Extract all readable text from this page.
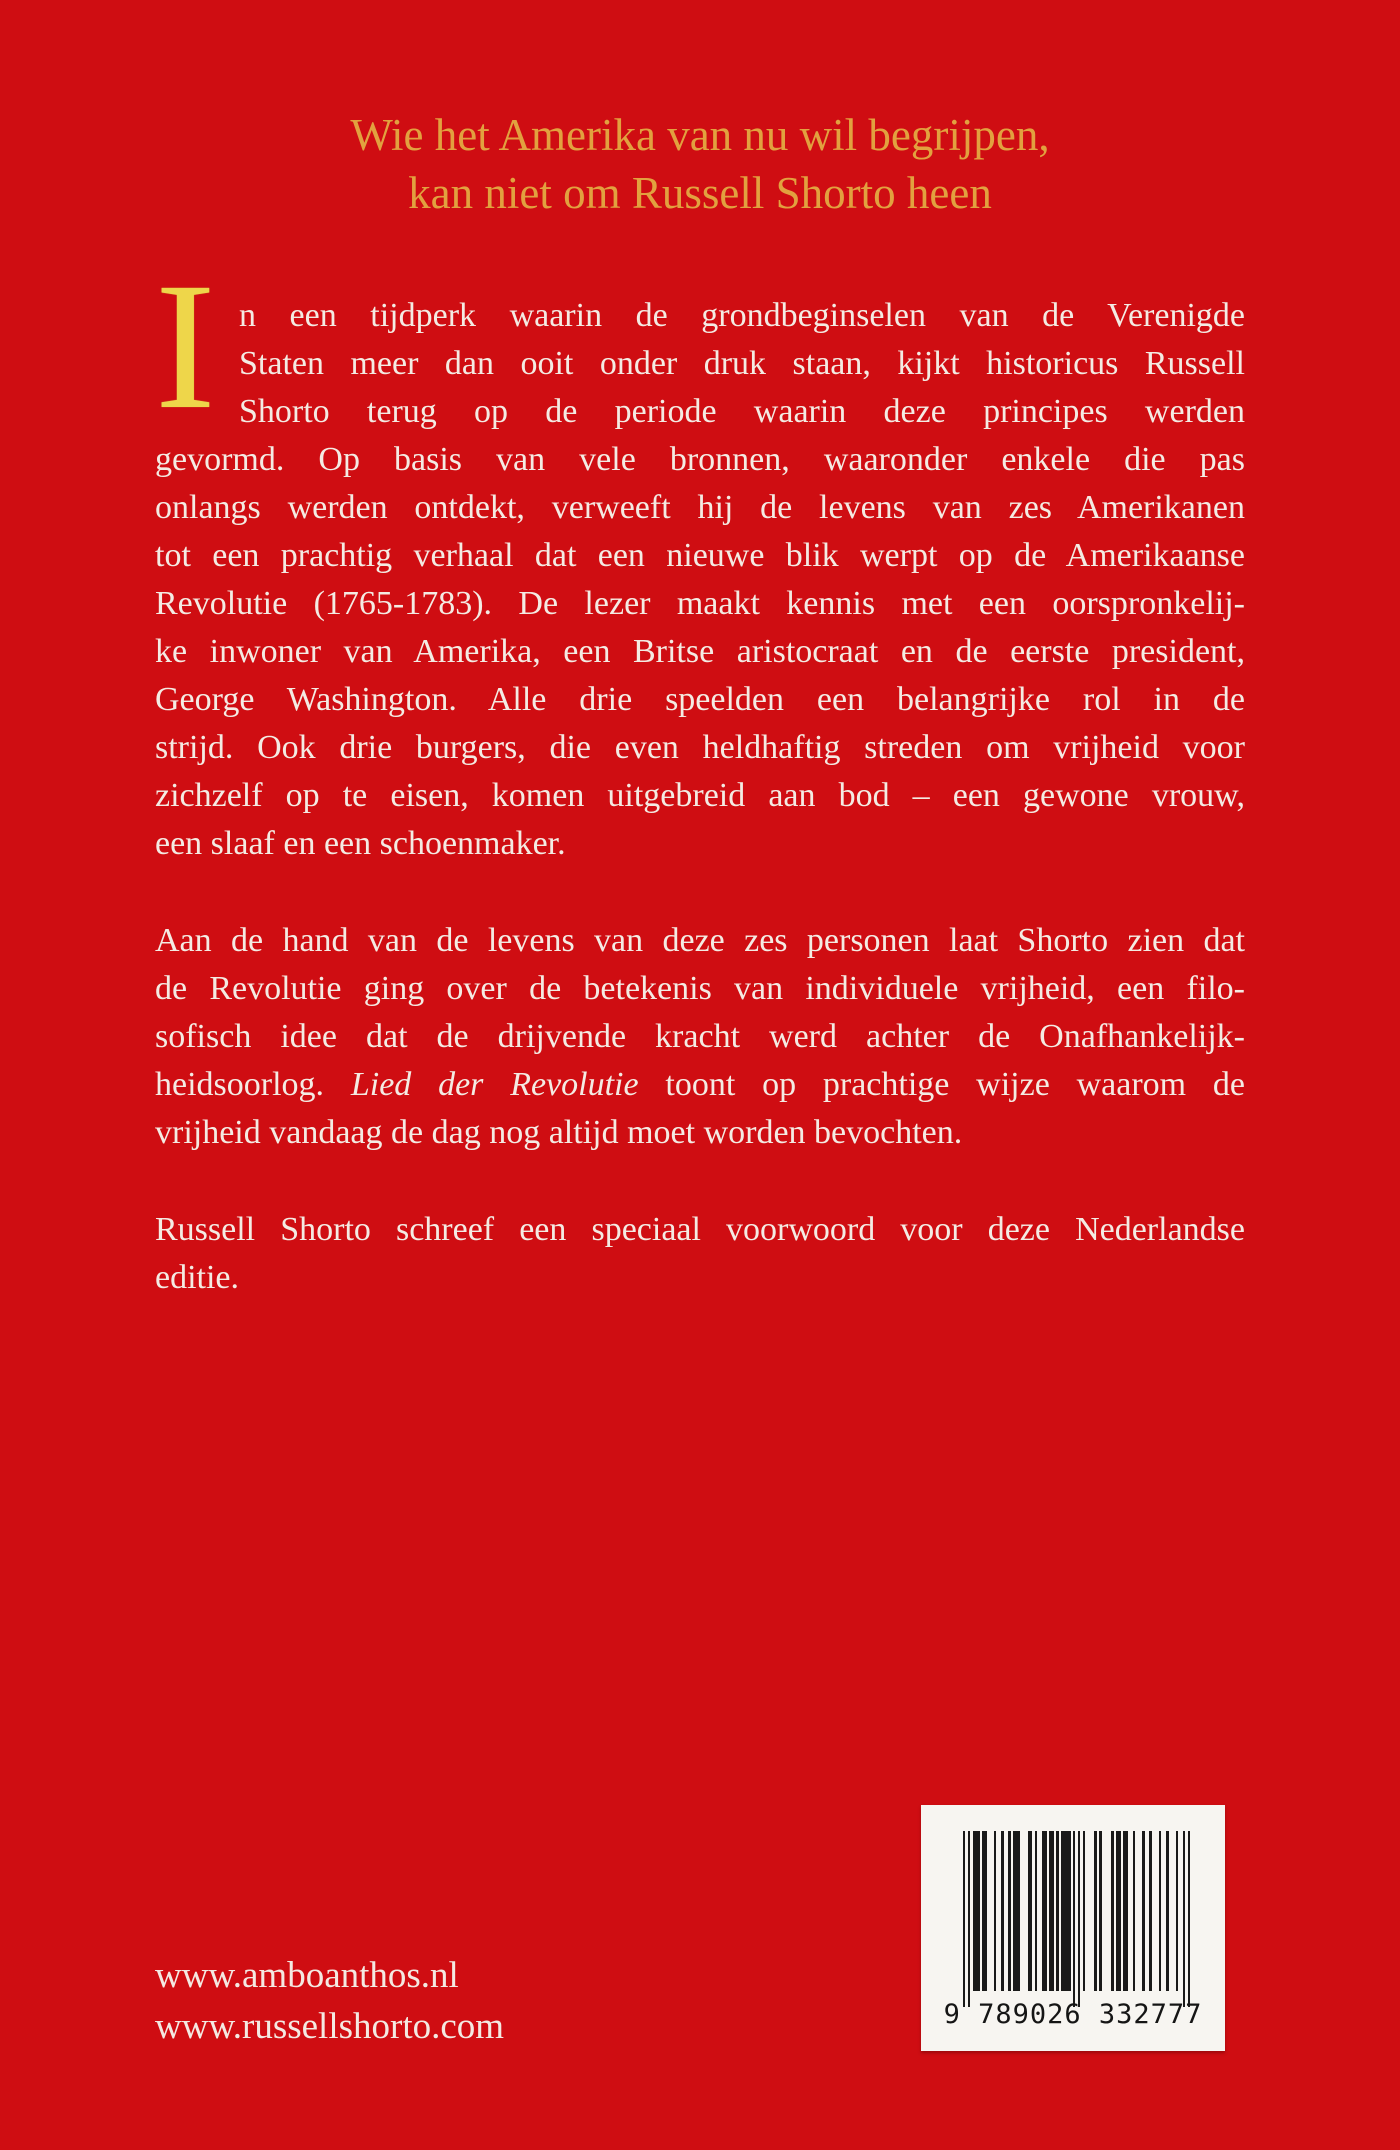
Wie het Amerika van nu wil begrijpen,
kan niet om Russell Shorto heen
I n een tijdperk waarin de grondbeginselen van de Verenigde
Staten meer dan ooit onder druk staan, kijkt historicus Russell
Shorto terug op de periode waarin deze principes werden
gevormd. Op basis van vele bronnen, waaronder enkele die pas
onlangs werden ontdekt, verweeft hij de levens van zes Amerikanen
tot een prachtig verhaal dat een nieuwe blik werpt op de Amerikaanse
Revolutie (1765-1783). De lezer maakt kennis met een oorspronkelij-
ke inwoner van Amerika, een Britse aristocraat en de eerste president,
George Washington. Alle drie speelden een belangrijke rol in de
strijd. Ook drie burgers, die even heldhaftig streden om vrijheid voor
zichzelf op te eisen, komen uitgebreid aan bod – een gewone vrouw,
een slaaf en een schoenmaker.
Aan de hand van de levens van deze zes personen laat Shorto zien dat
de Revolutie ging over de betekenis van individuele vrijheid, een filo-
sofisch idee dat de drijvende kracht werd achter de Onafhankelijk-
heidsoorlog. Lied der Revolutie toont op prachtige wijze waarom de
vrijheid vandaag de dag nog altijd moet worden bevochten.
Russell Shorto schreef een speciaal voorwoord voor deze Nederlandse
editie.
www.amboanthos.nl
www.russellshorto.com	9 789026 332777
